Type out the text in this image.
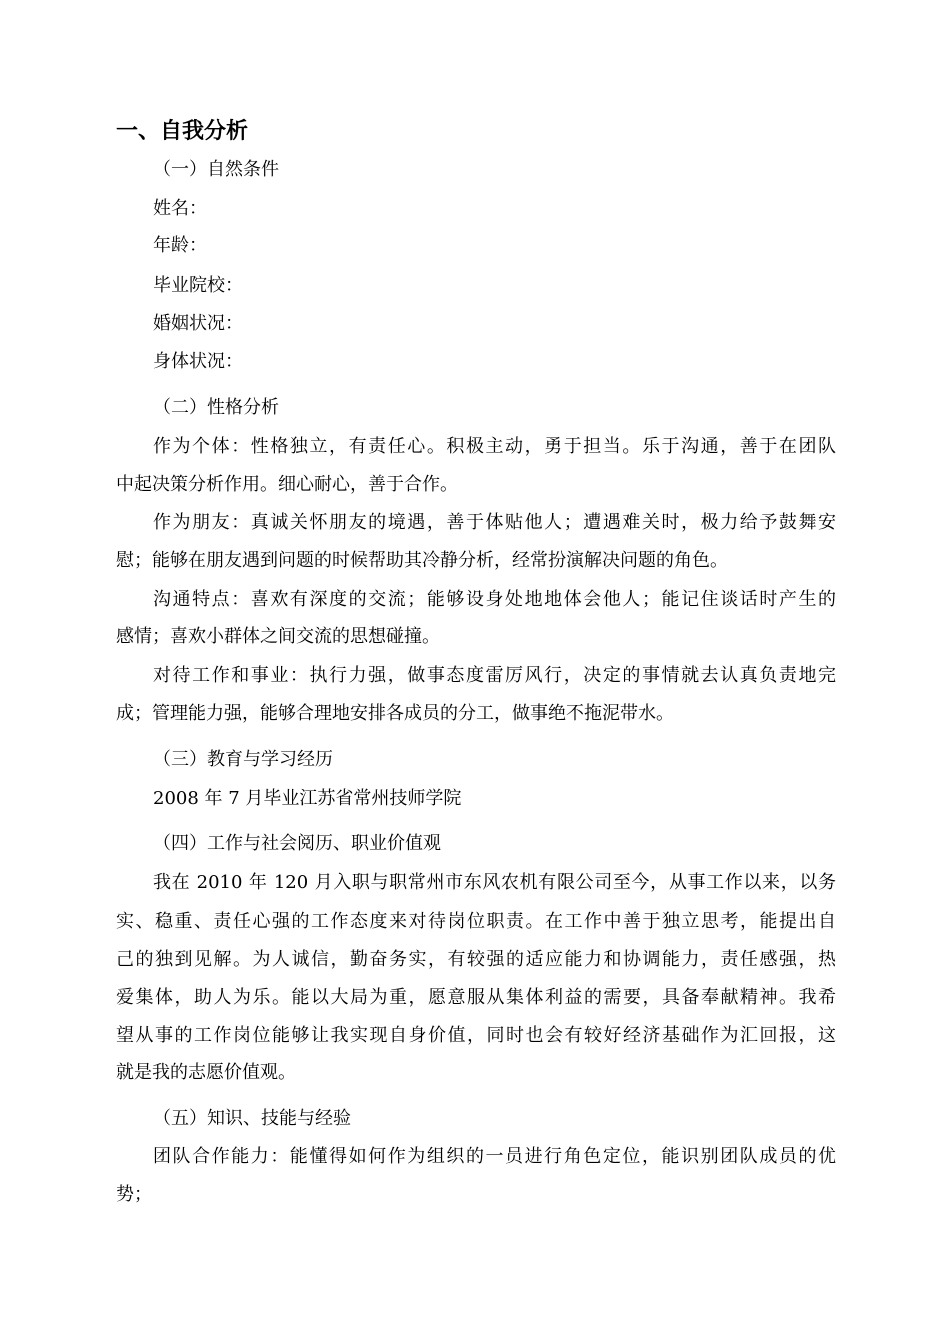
一、自我分析
（一）自然条件
姓名：
年龄：
毕业院校：
婚姻状况：
身体状况：
（二）性格分析
作为个体：性格独立，有责任心。积极主动，勇于担当。乐于沟通，善于在团队
中起决策分析作用。细心耐心，善于合作。
作为朋友：真诚关怀朋友的境遇，善于体贴他人；遭遇难关时，极力给予鼓舞安
慰；能够在朋友遇到问题的时候帮助其冷静分析，经常扮演解决问题的角色。
沟通特点：喜欢有深度的交流；能够设身处地地体会他人；能记住谈话时产生的
感情；喜欢小群体之间交流的思想碰撞。
对待工作和事业：执行力强，做事态度雷厉风行，决定的事情就去认真负责地完
成；管理能力强，能够合理地安排各成员的分工，做事绝不拖泥带水。
（三）教育与学习经历
2008 年 7 月毕业江苏省常州技师学院
（四）工作与社会阅历、职业价值观
我在 2010 年 120 月入职与职常州市东风农机有限公司至今，从事工作以来，以务
实、稳重、责任心强的工作态度来对待岗位职责。在工作中善于独立思考，能提出自
己的独到见解。为人诚信，勤奋务实，有较强的适应能力和协调能力，责任感强，热
爱集体，助人为乐。能以大局为重，愿意服从集体利益的需要，具备奉献精神。我希
望从事的工作岗位能够让我实现自身价值，同时也会有较好经济基础作为汇回报，这
就是我的志愿价值观。
（五）知识、技能与经验
团队合作能力：能懂得如何作为组织的一员进行角色定位，能识别团队成员的优
势；
